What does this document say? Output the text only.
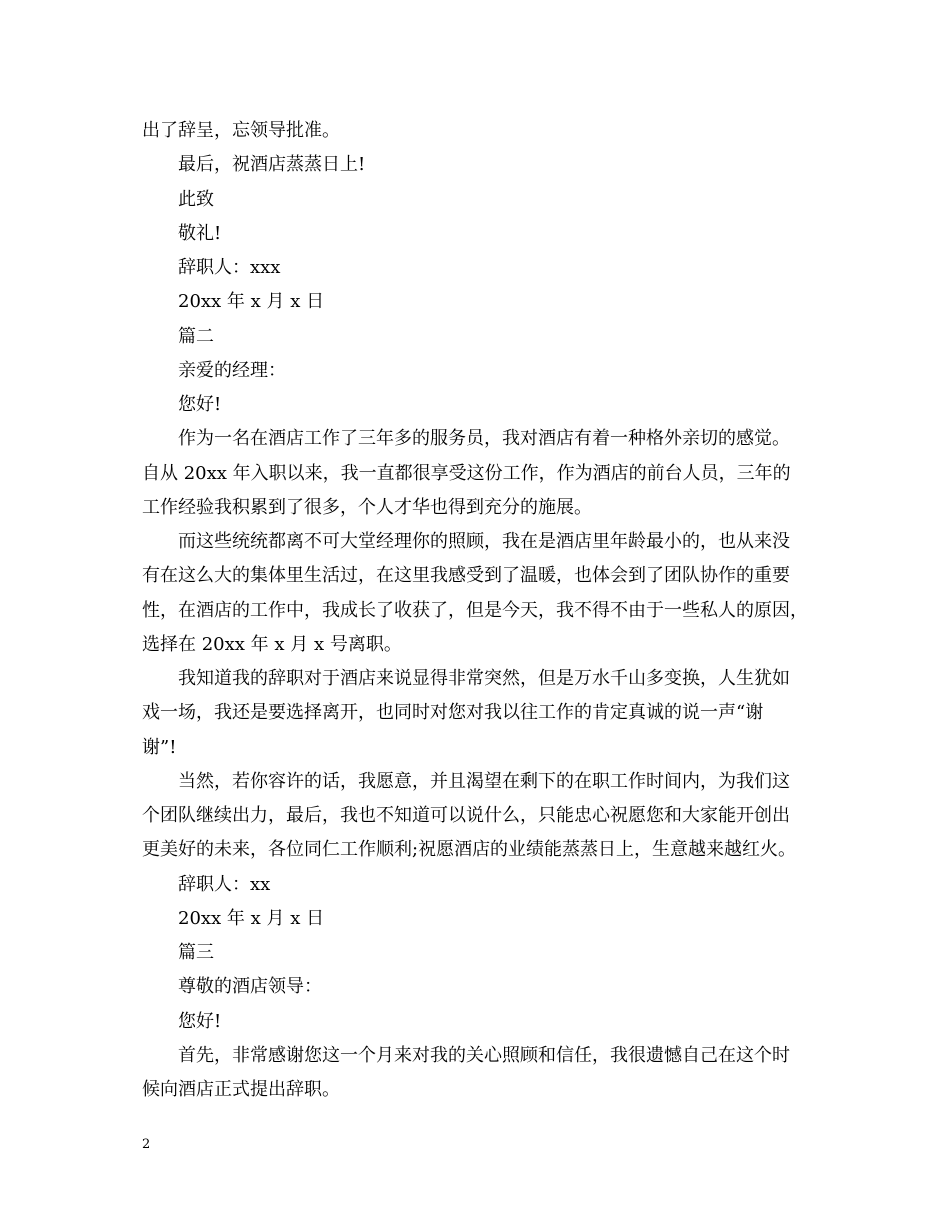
出了辞呈，忘领导批准。
最后，祝酒店蒸蒸日上!
此致
敬礼!
辞职人：xxx
20xx 年 x 月 x 日
篇二
亲爱的经理：
您好!
作为一名在酒店工作了三年多的服务员，我对酒店有着一种格外亲切的感觉。
自从 20xx 年入职以来，我一直都很享受这份工作，作为酒店的前台人员，三年的
工作经验我积累到了很多，个人才华也得到充分的施展。
而这些统统都离不可大堂经理你的照顾，我在是酒店里年龄最小的，也从来没
有在这么大的集体里生活过，在这里我感受到了温暖，也体会到了团队协作的重要
性，在酒店的工作中，我成长了收获了，但是今天，我不得不由于一些私人的原因，
选择在 20xx 年 x 月 x 号离职。
我知道我的辞职对于酒店来说显得非常突然，但是万水千山多变换，人生犹如
戏一场，我还是要选择离开，也同时对您对我以往工作的肯定真诚的说一声“谢
谢”!
当然，若你容许的话，我愿意，并且渴望在剩下的在职工作时间内，为我们这
个团队继续出力，最后，我也不知道可以说什么，只能忠心祝愿您和大家能开创出
更美好的未来，各位同仁工作顺利;祝愿酒店的业绩能蒸蒸日上，生意越来越红火。
辞职人：xx
20xx 年 x 月 x 日
篇三
尊敬的酒店领导：
您好!
首先，非常感谢您这一个月来对我的关心照顾和信任，我很遗憾自己在这个时
候向酒店正式提出辞职。
2
